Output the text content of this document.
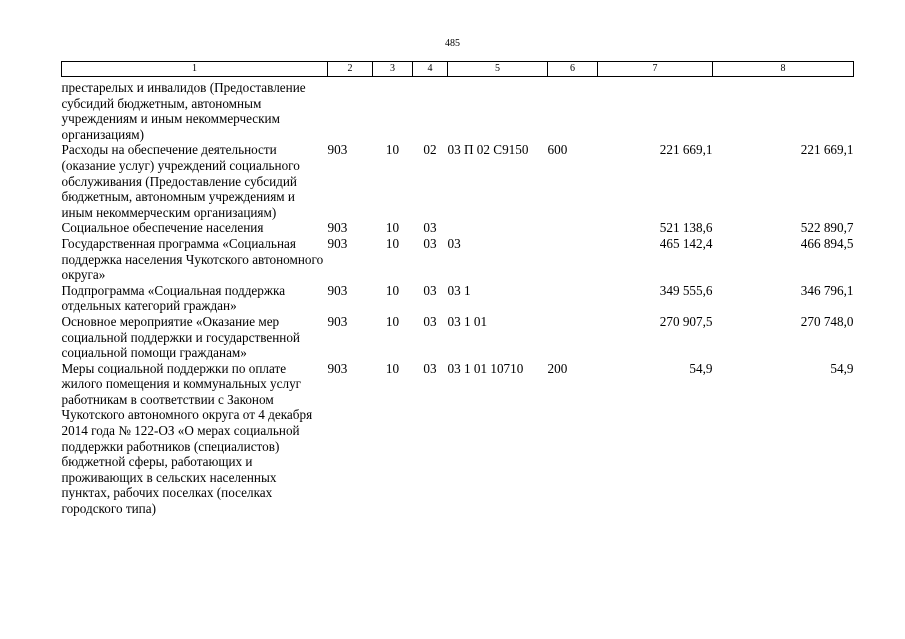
485
1	2	3	4	5	6	7	8
престарелых и инвалидов (Предоставление субсидий бюджетным, автономным учреждениям и иным некоммерческим организациям)							
Расходы на обеспечение деятельности (оказание услуг) учреждений социального обслуживания (Предоставление субсидий бюджетным, автономным учреждениям и иным некоммерческим организациям)	903	10	02	03 П 02 С9150	600	221 669,1	221 669,1
Социальное обеспечение населения	903	10	03			521 138,6	522 890,7
Государственная программа «Социальная поддержка населения Чукотского автономного округа»	903	10	03	03		465 142,4	466 894,5
Подпрограмма «Социальная поддержка отдельных категорий граждан»	903	10	03	03 1		349 555,6	346 796,1
Основное мероприятие «Оказание мер социальной поддержки и государственной социальной помощи гражданам»	903	10	03	03 1 01		270 907,5	270 748,0
Меры социальной поддержки по оплате жилого помещения и коммунальных услуг работникам в соответствии с Законом Чукотского автономного округа от 4 декабря 2014 года № 122-ОЗ «О мерах социальной поддержки работников (специалистов) бюджетной сферы, работающих и проживающих в сельских населенных пунктах, рабочих поселках (поселках городского типа)	903	10	03	03 1 01 10710	200	54,9	54,9
